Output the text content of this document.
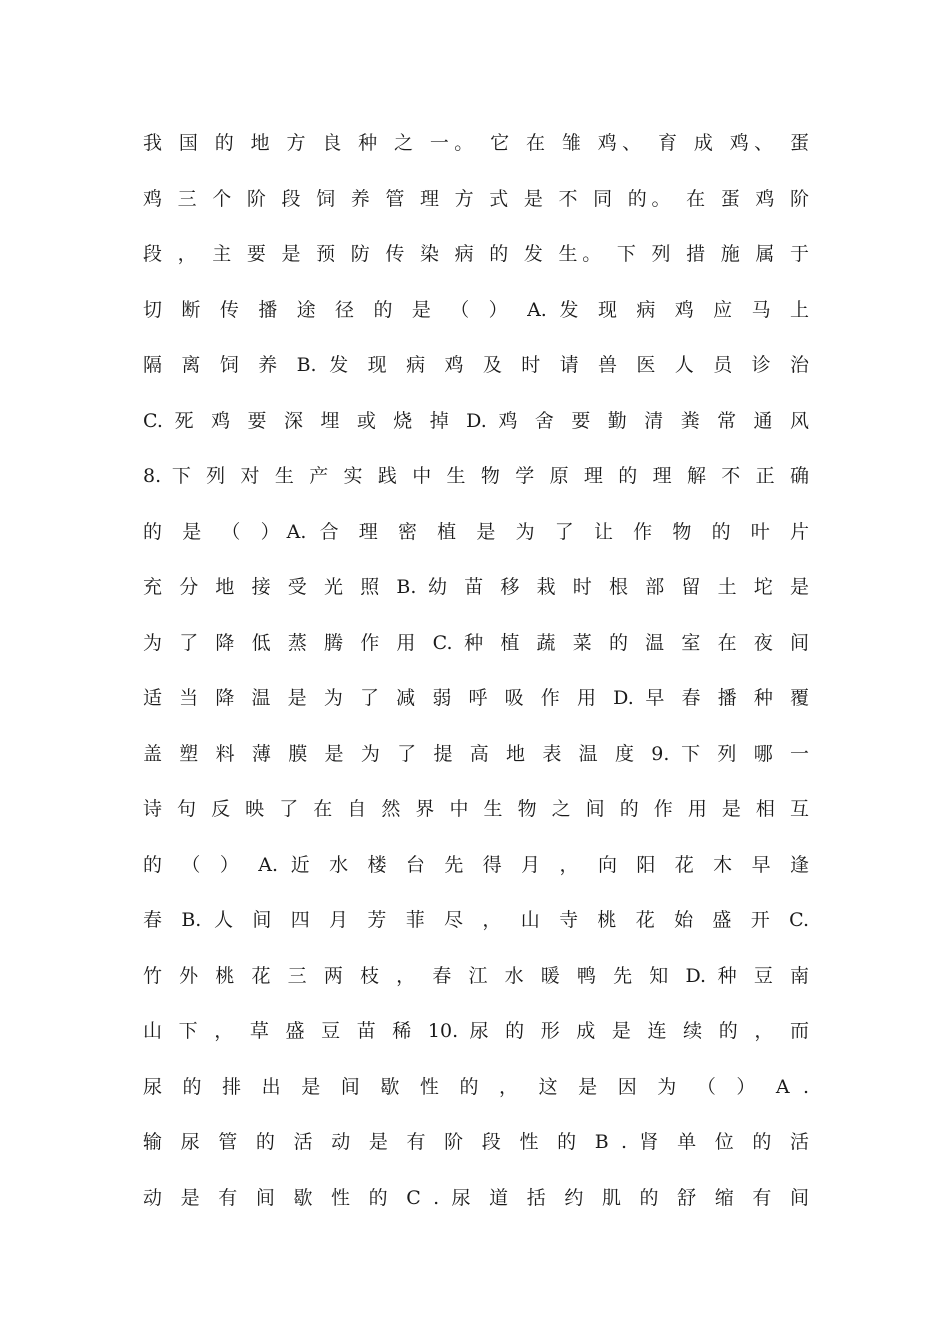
我 国 的 地 方 良 种 之 一。 它 在 雏 鸡、 育 成 鸡、 蛋
鸡 三 个 阶 段 饲 养 管 理 方 式 是 不 同 的。 在 蛋 鸡 阶
段 ， 主 要 是 预 防 传 染 病 的 发 生。 下 列 措 施 属 于
切 断 传 播 途 径 的 是 （ ） A. 发 现 病 鸡 应 马 上
隔 离 饲 养 B. 发 现 病 鸡 及 时 请 兽 医 人 员 诊 治
C. 死 鸡 要 深 埋 或 烧 掉 D. 鸡 舍 要 勤 清 粪 常 通 风
8. 下 列 对 生 产 实 践 中 生 物 学 原 理 的 理 解 不 正 确
的 是 （ ）A. 合 理 密 植 是 为 了 让 作 物 的 叶 片
充 分 地 接 受 光 照 B. 幼 苗 移 栽 时 根 部 留 土 坨 是
为 了 降 低 蒸 腾 作 用 C. 种 植 蔬 菜 的 温 室 在 夜 间
适 当 降 温 是 为 了 减 弱 呼 吸 作 用 D. 早 春 播 种 覆
盖 塑 料 薄 膜 是 为 了 提 高 地 表 温 度 9. 下 列 哪 一
诗 句 反 映 了 在 自 然 界 中 生 物 之 间 的 作 用 是 相 互
的 （ ） A. 近 水 楼 台 先 得 月 ， 向 阳 花 木 早 逢
春 B. 人 间 四 月 芳 菲 尽 ， 山 寺 桃 花 始 盛 开 C.
竹 外 桃 花 三 两 枝 ， 春 江 水 暖 鸭 先 知 D. 种 豆 南
山 下 ， 草 盛 豆 苗 稀 10. 尿 的 形 成 是 连 续 的 ， 而
尿 的 排 出 是 间 歇 性 的 ， 这 是 因 为 （ ） A .
输 尿 管 的 活 动 是 有 阶 段 性 的 B . 肾 单 位 的 活
动 是 有 间 歇 性 的 C . 尿 道 括 约 肌 的 舒 缩 有 间
